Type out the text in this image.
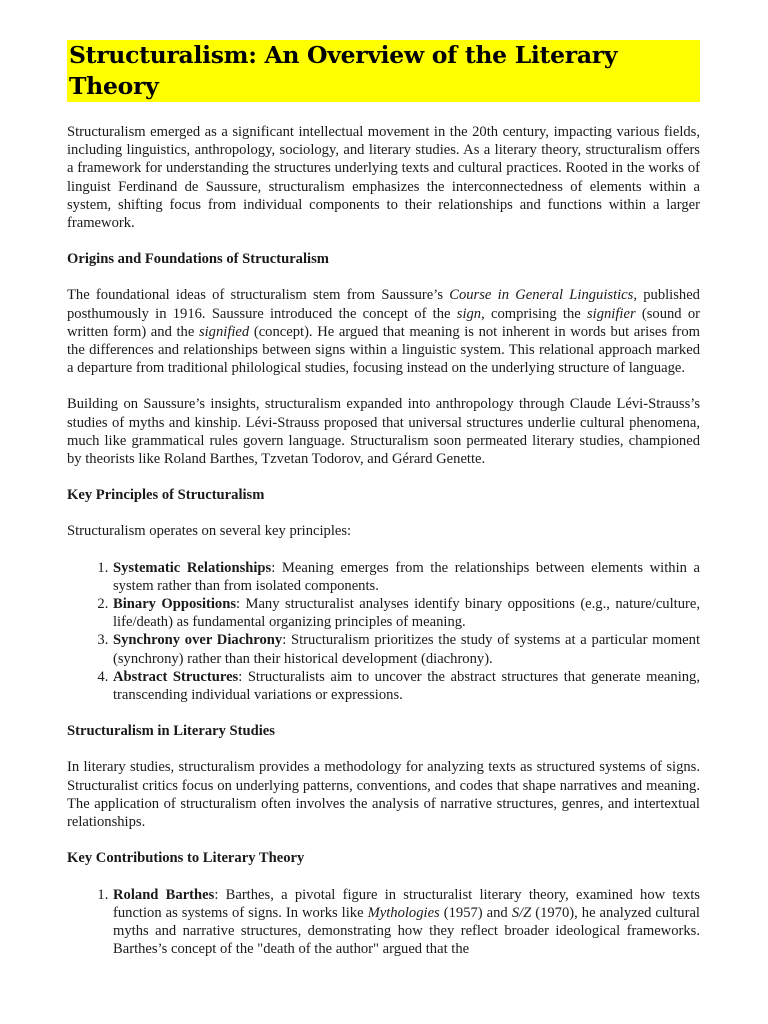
Structuralism: An Overview of the Literary Theory

Structuralism emerged as a significant intellectual movement in the 20th century, impacting various fields, including linguistics, anthropology, sociology, and literary studies. As a literary theory, structuralism offers a framework for understanding the structures underlying texts and cultural practices. Rooted in the works of linguist Ferdinand de Saussure, structuralism emphasizes the interconnectedness of elements within a system, shifting focus from individual components to their relationships and functions within a larger framework.

Origins and Foundations of Structuralism

The foundational ideas of structuralism stem from Saussure’s Course in General Linguistics, published posthumously in 1916. Saussure introduced the concept of the sign, comprising the signifier (sound or written form) and the signified (concept). He argued that meaning is not inherent in words but arises from the differences and relationships between signs within a linguistic system. This relational approach marked a departure from traditional philological studies, focusing instead on the underlying structure of language.

Building on Saussure’s insights, structuralism expanded into anthropology through Claude Lévi-Strauss’s studies of myths and kinship. Lévi-Strauss proposed that universal structures underlie cultural phenomena, much like grammatical rules govern language. Structuralism soon permeated literary studies, championed by theorists like Roland Barthes, Tzvetan Todorov, and Gérard Genette.

Key Principles of Structuralism

Structuralism operates on several key principles:

1. Systematic Relationships: Meaning emerges from the relationships between elements within a system rather than from isolated components.
2. Binary Oppositions: Many structuralist analyses identify binary oppositions (e.g., nature/culture, life/death) as fundamental organizing principles of meaning.
3. Synchrony over Diachrony: Structuralism prioritizes the study of systems at a particular moment (synchrony) rather than their historical development (diachrony).
4. Abstract Structures: Structuralists aim to uncover the abstract structures that generate meaning, transcending individual variations or expressions.

Structuralism in Literary Studies

In literary studies, structuralism provides a methodology for analyzing texts as structured systems of signs. Structuralist critics focus on underlying patterns, conventions, and codes that shape narratives and meaning. The application of structuralism often involves the analysis of narrative structures, genres, and intertextual relationships.

Key Contributions to Literary Theory

1. Roland Barthes: Barthes, a pivotal figure in structuralist literary theory, examined how texts function as systems of signs. In works like Mythologies (1957) and S/Z (1970), he analyzed cultural myths and narrative structures, demonstrating how they reflect broader ideological frameworks. Barthes’s concept of the "death of the author" argued that the
